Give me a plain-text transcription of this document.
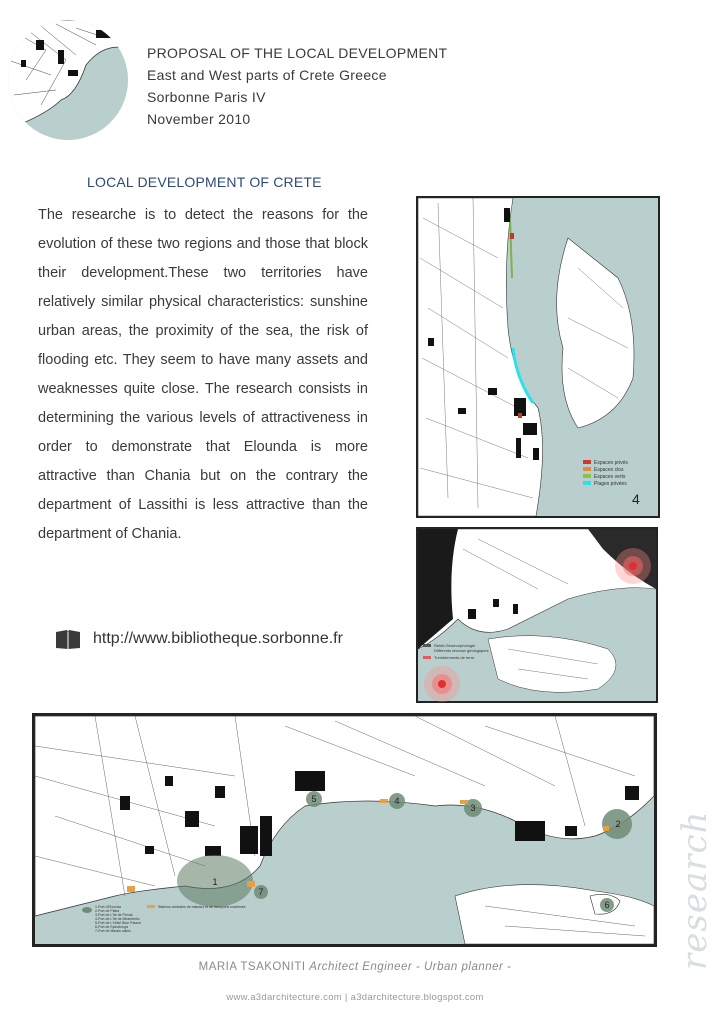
PROPOSAL OF THE LOCAL DEVELOPMENT
East and West parts of Crete Greece
Sorbonne Paris IV
November 2010
LOCAL DEVELOPMENT OF CRETE
The researche is to detect the reasons for the evolution of these two regions and those that block their development.These two territories have relatively similar physical characteristics: sunshine urban areas, the proximity of the sea, the risk of flooding etc. They seem to have many assets and weaknesses quite close. The research consists in determining the various levels of attractiveness in order to demonstrate that Elounda is more attractive than Chania but on the contrary the department of Lassithi is less attractive than the department of Chania.
http://www.bibliotheque.sorbonne.fr
Espaces privés
Espaces clos
Espaces verts
Plages privées
4
Relief-Géomorphologie
Différents niveaux géologiques
Tremblements de terre
1
2
3
4
5
6
7
1-Port d'Elounda
2-Port de Plaka
3-Port de L'île de Pervia
4-Port de L'île de Mirambello
5-Port de L'Hôtel Blue Palace
6-Port de Spinalonga
7-Port de Marais salins
Stations centrales de bateaux et de transports maritimes
MARIA TSAKONITI Architect Engineer - Urban planner -
www.a3darchitecture.com | a3darchitecture.blogspot.com
research
